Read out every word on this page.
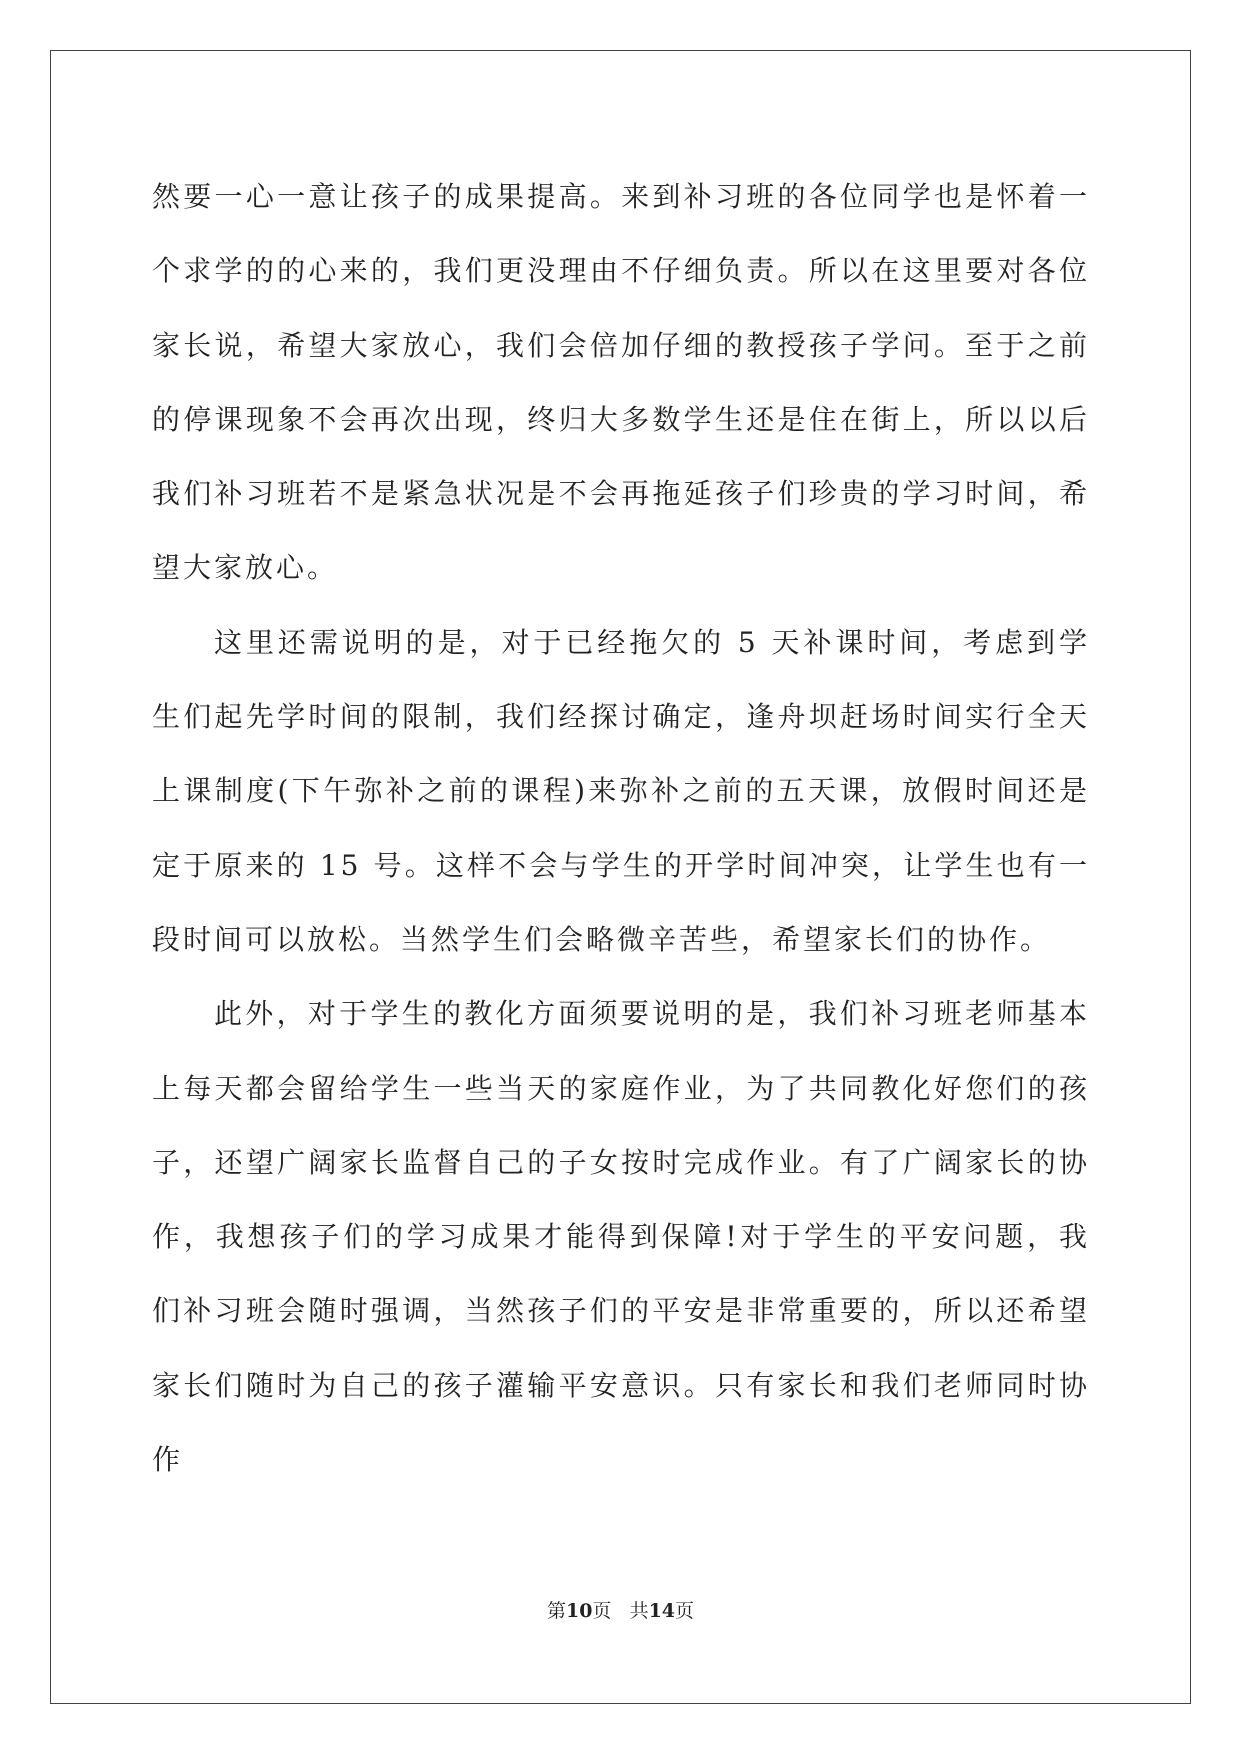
然要一心一意让孩子的成果提高。来到补习班的各位同学也是怀着一个求学的的心来的，我们更没理由不仔细负责。所以在这里要对各位家长说，希望大家放心，我们会倍加仔细的教授孩子学问。至于之前的停课现象不会再次出现，终归大多数学生还是住在街上，所以以后我们补习班若不是紧急状况是不会再拖延孩子们珍贵的学习时间，希望大家放心。

这里还需说明的是，对于已经拖欠的 5 天补课时间，考虑到学生们起先学时间的限制，我们经探讨确定，逢舟坝赶场时间实行全天上课制度(下午弥补之前的课程)来弥补之前的五天课，放假时间还是定于原来的 15 号。这样不会与学生的开学时间冲突，让学生也有一段时间可以放松。当然学生们会略微辛苦些，希望家长们的协作。

此外，对于学生的教化方面须要说明的是，我们补习班老师基本上每天都会留给学生一些当天的家庭作业，为了共同教化好您们的孩子，还望广阔家长监督自己的子女按时完成作业。有了广阔家长的协作，我想孩子们的学习成果才能得到保障!对于学生的平安问题，我们补习班会随时强调，当然孩子们的平安是非常重要的，所以还希望家长们随时为自己的孩子灌输平安意识。只有家长和我们老师同时协作

第10页 共14页
